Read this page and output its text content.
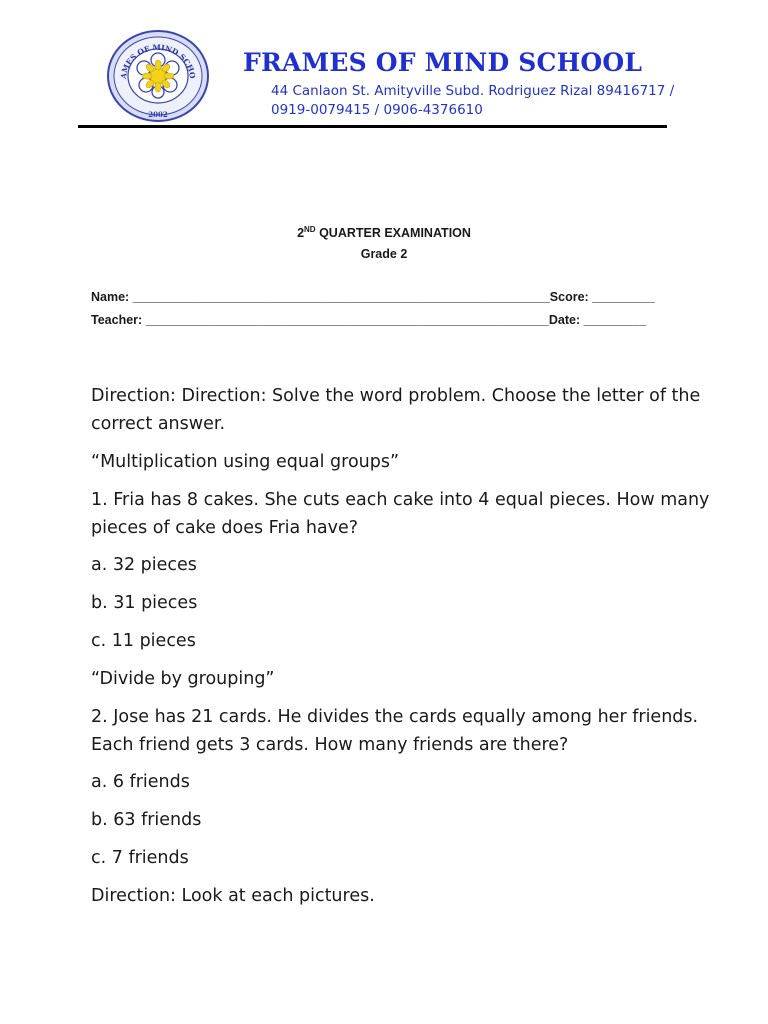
AMES OF MIND SCHO
2002
FRAMES OF MIND SCHOOL
44 Canlaon St. Amityville Subd. Rodriguez Rizal 89416717 /
0919-0079415 / 0906-4376610
2ND QUARTER EXAMINATION
Grade 2
Name: ____________________________________________________________Score: _________
Teacher: __________________________________________________________Date: _________

Direction: Direction: Solve the word problem. Choose the letter of the correct answer.

“Multiplication using equal groups”

1. Fria has 8 cakes. She cuts each cake into 4 equal pieces. How many pieces of cake does Fria have?

a. 32 pieces
b. 31 pieces
c. 11 pieces
“Divide by grouping”

2. Jose has 21 cards. He divides the cards equally among her friends. Each friend gets 3 cards. How many friends are there?

a. 6 friends
b. 63 friends
c. 7 friends
Direction: Look at each pictures.
